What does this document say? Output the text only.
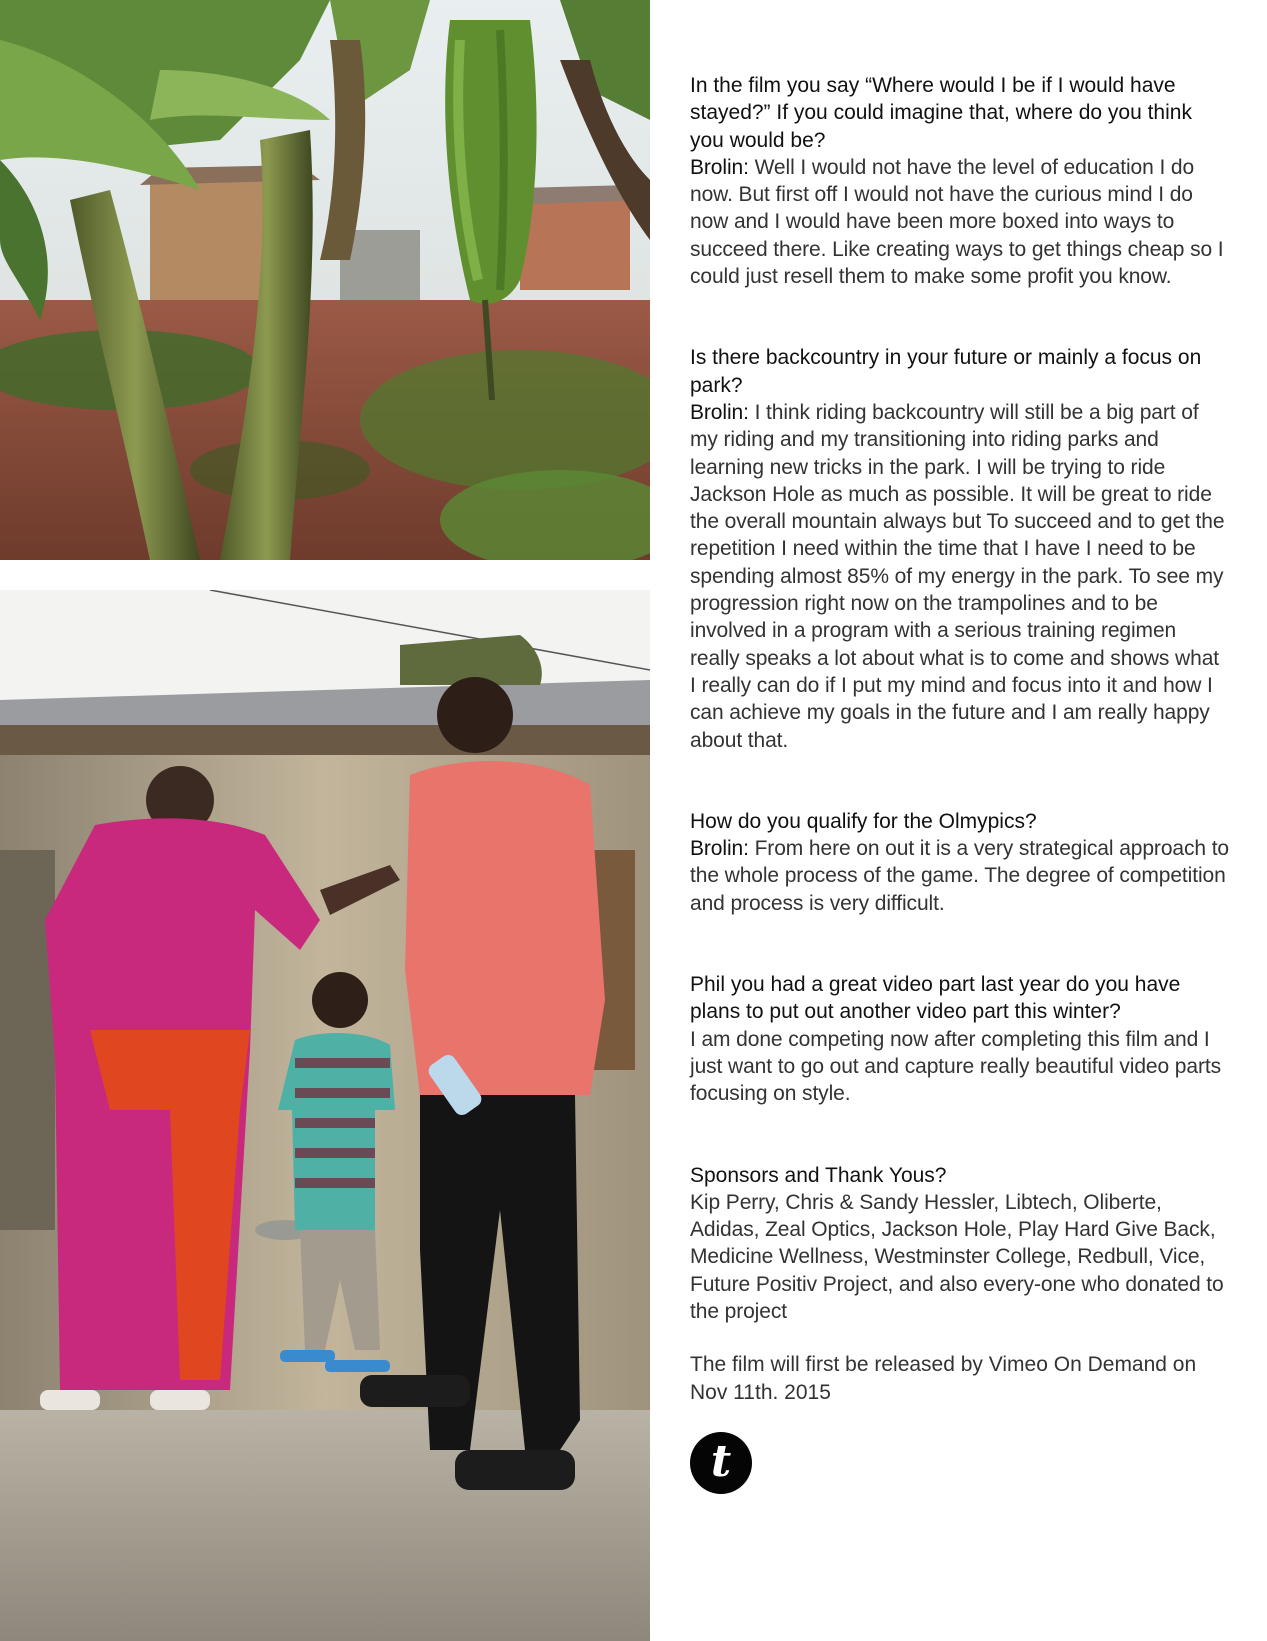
In the film you say “Where would I be if I would have stayed?” If you could imagine that, where do you think you would be?

Brolin: Well I would not have the level of education I do now. But first off I would not have the curious mind I do now and I would have been more boxed into ways to succeed there. Like creating ways to get things cheap so I could just resell them to make some profit you know.

Is there backcountry in your future or mainly a focus on park?

Brolin: I think riding backcountry will still be a big part of my riding and my transitioning into riding parks and learning new tricks in the park. I will be trying to ride Jackson Hole as much as possible. It will be great to ride the overall mountain always but To succeed and to get the repetition I need within the time that I have I need to be spending almost 85% of my energy in the park. To see my progression right now on the trampolines and to be involved in a program with a serious training regimen really speaks a lot about what is to come and shows what I really can do if I put my mind and focus into it and how I can achieve my goals in the future and I am really happy about that.

How do you qualify for the Olmypics?

Brolin: From here on out it is a very strategical approach to the whole process of the game. The degree of competition and process is very difficult.

Phil you had a great video part last year do you have plans to put out another video part this winter?

I am done competing now after completing this film and I just want to go out and capture really beautiful video parts focusing on style.

Sponsors and Thank Yous?

Kip Perry, Chris & Sandy Hessler, Libtech, Oliberte, Adidas, Zeal Optics, Jackson Hole, Play Hard Give Back, Medicine Wellness, Westminster College, Redbull, Vice, Future Positiv Project, and also every-one who donated to the project

The film will first be released by Vimeo On Demand on Nov 11th. 2015

t
